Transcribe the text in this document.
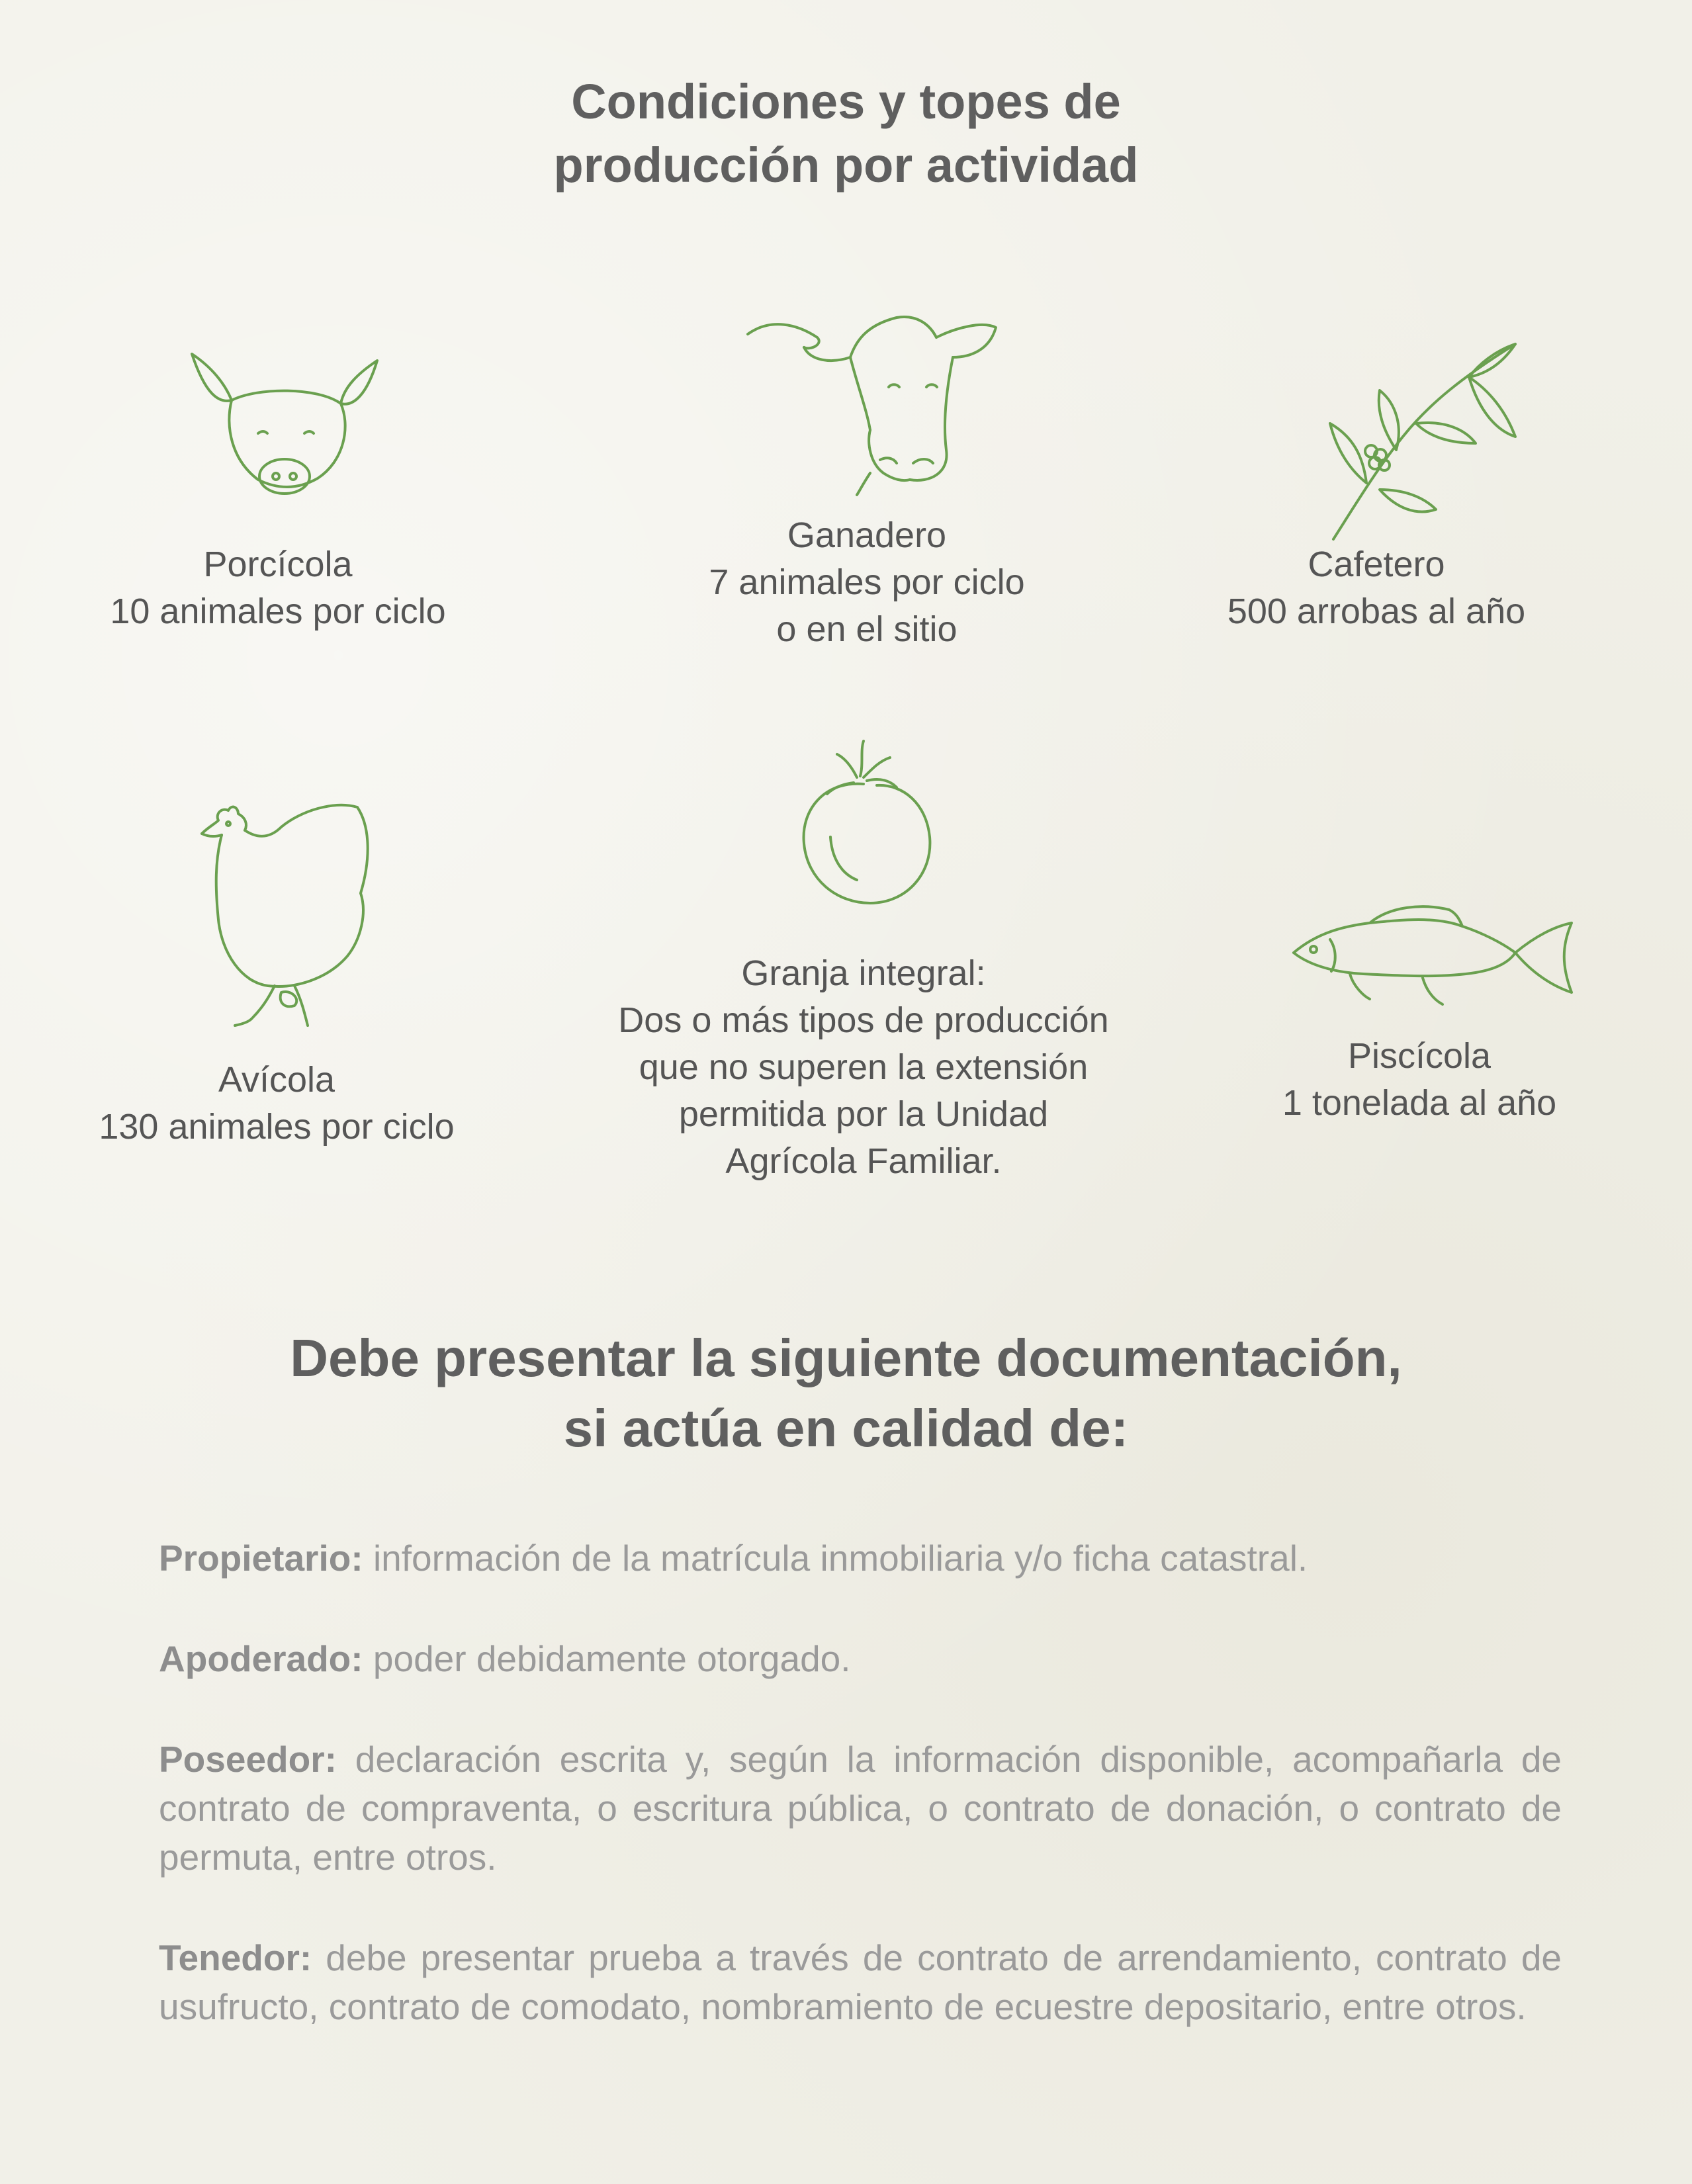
Condiciones y topes de
producción por actividad
Porcícola
10 animales por ciclo
Ganadero
7 animales por ciclo
o en el sitio
Cafetero
500 arrobas al año
Avícola
130 animales por ciclo
Granja integral:
Dos o más tipos de producción
que no superen la extensión
permitida por la Unidad
Agrícola Familiar.
Piscícola
1 tonelada al año
Debe presentar la siguiente documentación,
si actúa en calidad de:

Propietario: información de la matrícula inmobiliaria y/o ficha catastral.

Apoderado: poder debidamente otorgado.

Poseedor: declaración escrita y, según la información disponible, acompañarla de contrato de compraventa, o escritura pública, o contrato de donación, o contrato de permuta, entre otros.

Tenedor: debe presentar prueba a través de contrato de arrendamiento, contrato de usufructo, contrato de comodato, nombramiento de ecuestre depositario, entre otros.
